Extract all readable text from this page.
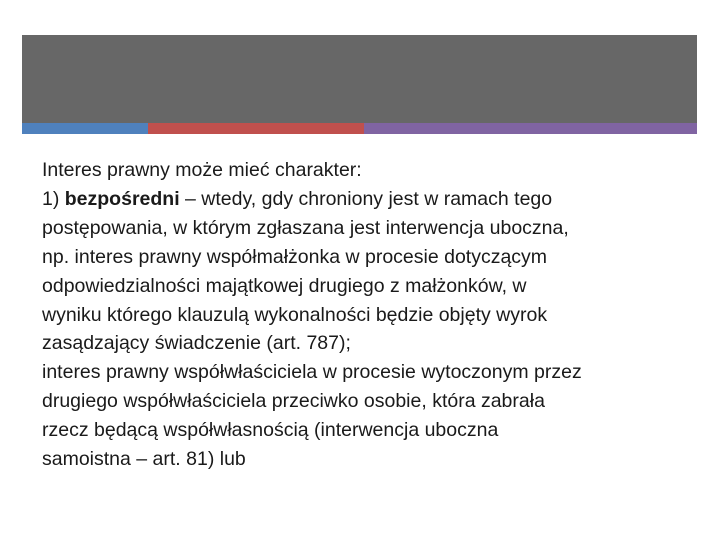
Interes prawny może mieć charakter:
1) bezpośredni – wtedy, gdy chroniony jest w ramach tego
postępowania, w którym zgłaszana jest interwencja uboczna,
np. interes prawny współmałżonka w procesie dotyczącym
odpowiedzialności majątkowej drugiego z małżonków, w
wyniku którego klauzulą wykonalności będzie objęty wyrok
zasądzający świadczenie (art. 787);
interes prawny współwłaściciela w procesie wytoczonym przez
drugiego współwłaściciela przeciwko osobie, która zabrała
rzecz będącą współwłasnością (interwencja uboczna
samoistna – art. 81) lub
